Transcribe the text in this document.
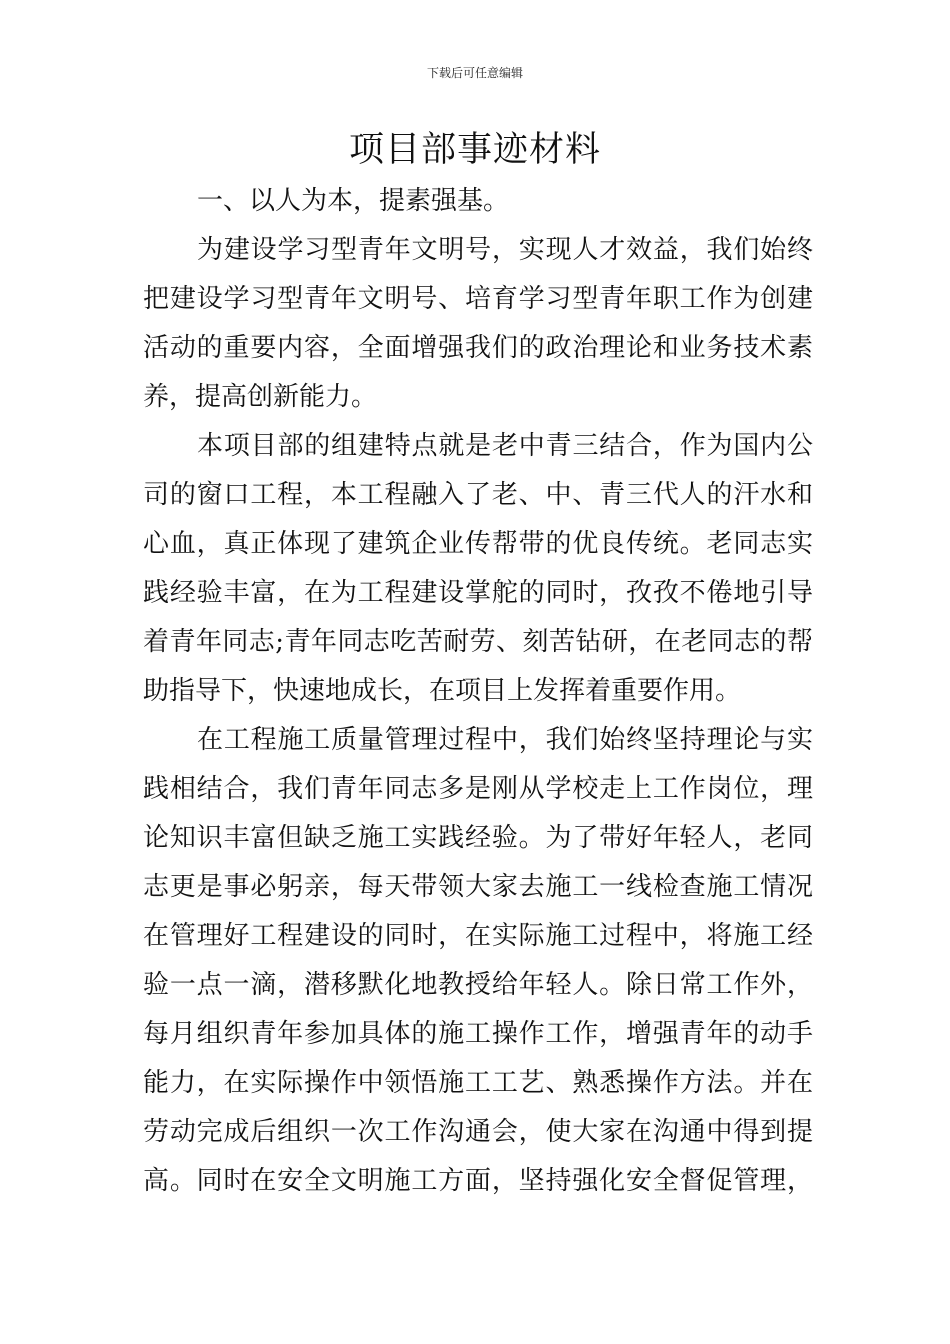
下载后可任意编辑
项目部事迹材料
一、以人为本，提素强基。
为建设学习型青年文明号，实现人才效益，我们始终
把建设学习型青年文明号、培育学习型青年职工作为创建
活动的重要内容，全面增强我们的政治理论和业务技术素
养，提高创新能力。
本项目部的组建特点就是老中青三结合，作为国内公
司的窗口工程，本工程融入了老、中、青三代人的汗水和
心血，真正体现了建筑企业传帮带的优良传统。老同志实
践经验丰富，在为工程建设掌舵的同时，孜孜不倦地引导
着青年同志;青年同志吃苦耐劳、刻苦钻研，在老同志的帮
助指导下，快速地成长，在项目上发挥着重要作用。
在工程施工质量管理过程中，我们始终坚持理论与实
践相结合，我们青年同志多是刚从学校走上工作岗位，理
论知识丰富但缺乏施工实践经验。为了带好年轻人，老同
志更是事必躬亲，每天带领大家去施工一线检查施工情况
在管理好工程建设的同时，在实际施工过程中，将施工经
验一点一滴，潜移默化地教授给年轻人。除日常工作外，
每月组织青年参加具体的施工操作工作，增强青年的动手
能力，在实际操作中领悟施工工艺、熟悉操作方法。并在
劳动完成后组织一次工作沟通会，使大家在沟通中得到提
高。同时在安全文明施工方面，坚持强化安全督促管理，
